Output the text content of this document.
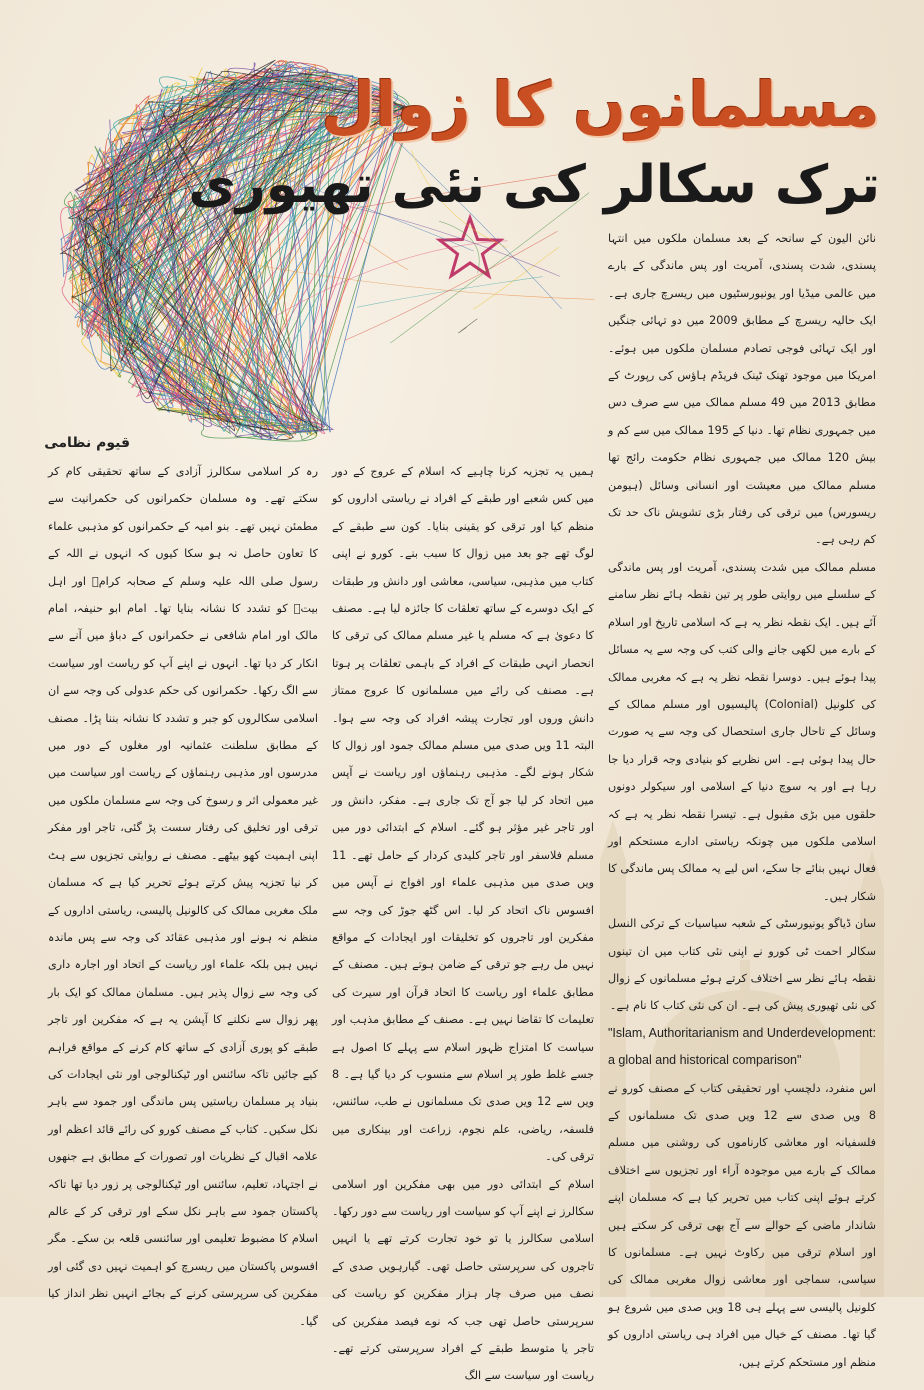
مسلمانوں کا زوال
ترک سکالر کی نئی تھیوری
قیوم نظامی

نائن الیون کے سانحہ کے بعد مسلمان ملکوں میں انتہا پسندی، شدت پسندی، آمریت اور پس ماندگی کے بارے میں عالمی میڈیا اور یونیورسٹیوں میں ریسرچ جاری ہے۔ ایک حالیہ ریسرچ کے مطابق 2009 میں دو تہائی جنگیں اور ایک تہائی فوجی تصادم مسلمان ملکوں میں ہوئے۔ امریکا میں موجود تھنک ٹینک فریڈم ہاؤس کی رپورٹ کے مطابق 2013 میں 49 مسلم ممالک میں سے صرف دس میں جمہوری نظام تھا۔ دنیا کے 195 ممالک میں سے کم و بیش 120 ممالک میں جمہوری نظام حکومت رائج تھا مسلم ممالک میں معیشت اور انسانی وسائل (ہیومن ریسورس) میں ترقی کی رفتار بڑی تشویش ناک حد تک کم رہی ہے۔

مسلم ممالک میں شدت پسندی، آمریت اور پس ماندگی کے سلسلے میں روایتی طور پر تین نقطہ ہائے نظر سامنے آئے ہیں۔ ایک نقطہ نظر یہ ہے کہ اسلامی تاریخ اور اسلام کے بارے میں لکھی جانے والی کتب کی وجہ سے یہ مسائل پیدا ہوئے ہیں۔ دوسرا نقطہ نظر یہ ہے کہ مغربی ممالک کی کلونیل (Colonial) پالیسیوں اور مسلم ممالک کے وسائل کے تاحال جاری استحصال کی وجہ سے یہ صورت حال پیدا ہوئی ہے۔ اس نظریے کو بنیادی وجہ قرار دیا جا رہا ہے اور یہ سوچ دنیا کے اسلامی اور سیکولر دونوں حلقوں میں بڑی مقبول ہے۔ تیسرا نقطہ نظر یہ ہے کہ اسلامی ملکوں میں چونکہ ریاستی ادارے مستحکم اور فعال نہیں بنائے جا سکے، اس لیے یہ ممالک پس ماندگی کا شکار ہیں۔

سان ڈیاگو یونیورسٹی کے شعبہ سیاسیات کے ترکی النسل سکالر احمت ٹی کورو نے اپنی نئی کتاب میں ان تینوں نقطہ ہائے نظر سے اختلاف کرتے ہوئے مسلمانوں کے زوال کی نئی تھیوری پیش کی ہے۔ ان کی نئی کتاب کا نام ہے۔

"Islam, Authoritarianism and Underdevelopment: a global and historical comparison"

اس منفرد، دلچسپ اور تحقیقی کتاب کے مصنف کورو نے 8 ویں صدی سے 12 ویں صدی تک مسلمانوں کے فلسفیانہ اور معاشی کارناموں کی روشنی میں مسلم ممالک کے بارے میں موجودہ آراء اور تجزیوں سے اختلاف کرتے ہوئے اپنی کتاب میں تحریر کیا ہے کہ مسلمان اپنے شاندار ماضی کے حوالے سے آج بھی ترقی کر سکتے ہیں اور اسلام ترقی میں رکاوٹ نہیں ہے۔ مسلمانوں کا سیاسی، سماجی اور معاشی زوال مغربی ممالک کی کلونیل پالیسی سے پہلے ہی 18 ویں صدی میں شروع ہو گیا تھا۔ مصنف کے خیال میں افراد ہی ریاستی اداروں کو منظم اور مستحکم کرتے ہیں،

ہمیں یہ تجزیہ کرنا چاہیے کہ اسلام کے عروج کے دور میں کس شعبے اور طبقے کے افراد نے ریاستی اداروں کو منظم کیا اور ترقی کو یقینی بنایا۔ کون سے طبقے کے لوگ تھے جو بعد میں زوال کا سبب بنے۔ کورو نے اپنی کتاب میں مذہبی، سیاسی، معاشی اور دانش ور طبقات کے ایک دوسرے کے ساتھ تعلقات کا جائزہ لیا ہے۔ مصنف کا دعویٰ ہے کہ مسلم یا غیر مسلم ممالک کی ترقی کا انحصار انہی طبقات کے افراد کے باہمی تعلقات پر ہوتا ہے۔ مصنف کی رائے میں مسلمانوں کا عروج ممتاز دانش وروں اور تجارت پیشہ افراد کی وجہ سے ہوا۔ البتہ 11 ویں صدی میں مسلم ممالک جمود اور زوال کا شکار ہونے لگے۔ مذہبی رہنماؤں اور ریاست نے آپس میں اتحاد کر لیا جو آج تک جاری ہے۔ مفکر، دانش ور اور تاجر غیر مؤثر ہو گئے۔ اسلام کے ابتدائی دور میں مسلم فلاسفر اور تاجر کلیدی کردار کے حامل تھے۔ 11 ویں صدی میں مذہبی علماء اور افواج نے آپس میں افسوس ناک اتحاد کر لیا۔ اس گٹھ جوڑ کی وجہ سے مفکرین اور تاجروں کو تخلیقات اور ایجادات کے مواقع نہیں مل رہے جو ترقی کے ضامن ہوتے ہیں۔ مصنف کے مطابق علماء اور ریاست کا اتحاد قرآن اور سیرت کی تعلیمات کا تقاضا نہیں ہے۔ مصنف کے مطابق مذہب اور سیاست کا امتزاج ظہور اسلام سے پہلے کا اصول ہے جسے غلط طور پر اسلام سے منسوب کر دیا گیا ہے۔ 8 ویں سے 12 ویں صدی تک مسلمانوں نے طب، سائنس، فلسفہ، ریاضی، علم نجوم، زراعت اور بینکاری میں ترقی کی۔

اسلام کے ابتدائی دور میں بھی مفکرین اور اسلامی سکالرز نے اپنے آپ کو سیاست اور ریاست سے دور رکھا۔ اسلامی سکالرز یا تو خود تجارت کرتے تھے یا انہیں تاجروں کی سرپرستی حاصل تھی۔ گیارہویں صدی کے نصف میں صرف چار ہزار مفکرین کو ریاست کی سرپرستی حاصل تھی جب کہ نوے فیصد مفکرین کی تاجر یا متوسط طبقے کے افراد سرپرستی کرتے تھے۔ ریاست اور سیاست سے الگ

رہ کر اسلامی سکالرز آزادی کے ساتھ تحقیقی کام کر سکتے تھے۔ وہ مسلمان حکمرانوں کی حکمرانیت سے مطمئن نہیں تھے۔ بنو امیہ کے حکمرانوں کو مذہبی علماء کا تعاون حاصل نہ ہو سکا کیوں کہ انہوں نے اللہ کے رسول صلی اللہ علیہ وسلم کے صحابہ کرامؓ اور اہل بیتؓ کو تشدد کا نشانہ بنایا تھا۔ امام ابو حنیفہ، امام مالک اور امام شافعی نے حکمرانوں کے دباؤ میں آنے سے انکار کر دیا تھا۔ انہوں نے اپنے آپ کو ریاست اور سیاست سے الگ رکھا۔ حکمرانوں کی حکم عدولی کی وجہ سے ان اسلامی سکالروں کو جبر و تشدد کا نشانہ بننا پڑا۔ مصنف کے مطابق سلطنت عثمانیہ اور مغلوں کے دور میں مدرسوں اور مذہبی رہنماؤں کے ریاست اور سیاست میں غیر معمولی اثر و رسوخ کی وجہ سے مسلمان ملکوں میں ترقی اور تخلیق کی رفتار سست پڑ گئی، تاجر اور مفکر اپنی اہمیت کھو بیٹھے۔ مصنف نے روایتی تجزیوں سے ہٹ کر نیا تجزیہ پیش کرتے ہوئے تحریر کیا ہے کہ مسلمان ملک مغربی ممالک کی کالونیل پالیسی، ریاستی اداروں کے منظم نہ ہونے اور مذہبی عقائد کی وجہ سے پس ماندہ نہیں ہیں بلکہ علماء اور ریاست کے اتحاد اور اجارہ داری کی وجہ سے زوال پذیر ہیں۔ مسلمان ممالک کو ایک بار پھر زوال سے نکلنے کا آپشن یہ ہے کہ مفکرین اور تاجر طبقے کو پوری آزادی کے ساتھ کام کرنے کے مواقع فراہم کیے جائیں تاکہ سائنس اور ٹیکنالوجی اور نئی ایجادات کی بنیاد پر مسلمان ریاستیں پس ماندگی اور جمود سے باہر نکل سکیں۔ کتاب کے مصنف کورو کی رائے قائد اعظم اور علامہ اقبال کے نظریات اور تصورات کے مطابق ہے جنھوں نے اجتہاد، تعلیم، سائنس اور ٹیکنالوجی پر زور دیا تھا تاکہ پاکستان جمود سے باہر نکل سکے اور ترقی کر کے عالم اسلام کا مضبوط تعلیمی اور سائنسی قلعہ بن سکے۔ مگر افسوس پاکستان میں ریسرچ کو اہمیت نہیں دی گئی اور مفکرین کی سرپرستی کرنے کے بجائے انہیں نظر انداز کیا گیا۔
